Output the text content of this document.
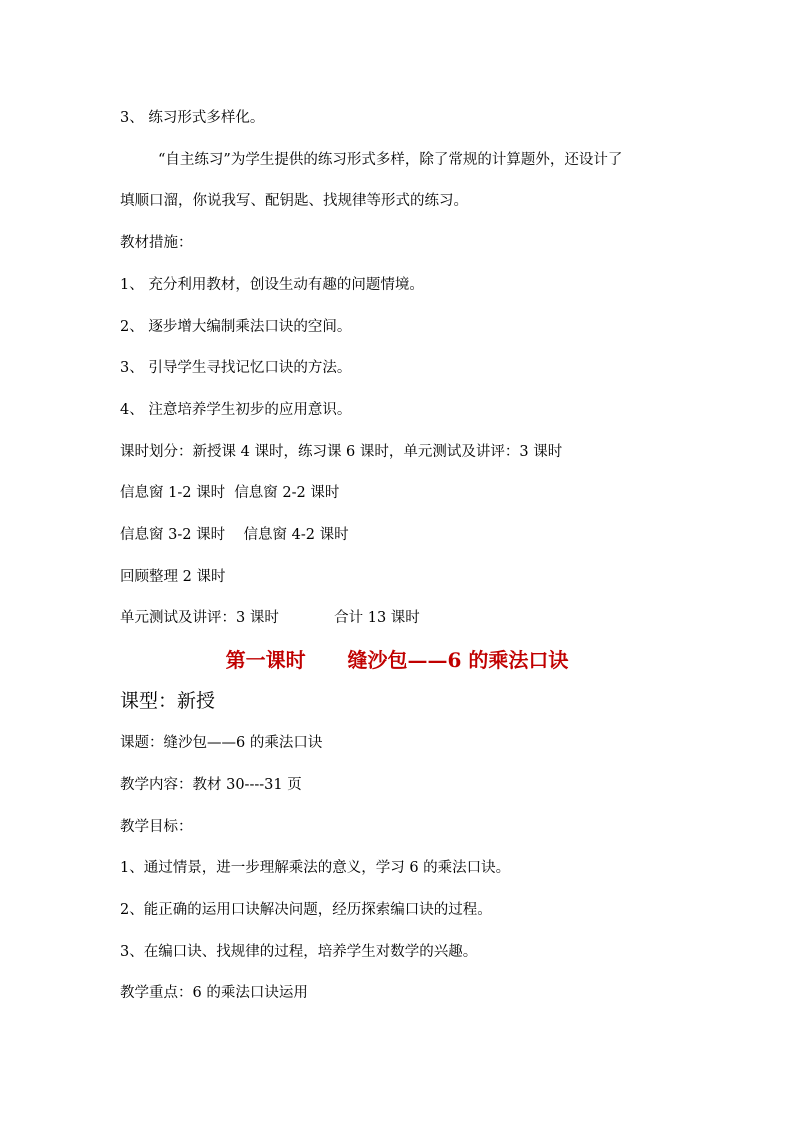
3、 练习形式多样化。
“自主练习”为学生提供的练习形式多样，除了常规的计算题外，还设计了
填顺口溜，你说我写、配钥匙、找规律等形式的练习。
教材措施：
1、 充分利用教材，创设生动有趣的问题情境。
2、 逐步增大编制乘法口诀的空间。
3、 引导学生寻找记忆口诀的方法。
4、 注意培养学生初步的应用意识。
课时划分：新授课 4 课时，练习课 6 课时，单元测试及讲评：3 课时
信息窗 1-2 课时  信息窗 2-2 课时
信息窗 3-2 课时    信息窗 4-2 课时
回顾整理 2 课时
单元测试及讲评：3 课时            合计 13 课时
第一课时      缝沙包——6 的乘法口诀
课型：新授
课题：缝沙包——6 的乘法口诀
教学内容：教材 30----31 页
教学目标：
1、通过情景，进一步理解乘法的意义，学习 6 的乘法口诀。
2、能正确的运用口诀解决问题，经历探索编口诀的过程。
3、在编口诀、找规律的过程，培养学生对数学的兴趣。
教学重点：6 的乘法口诀运用
